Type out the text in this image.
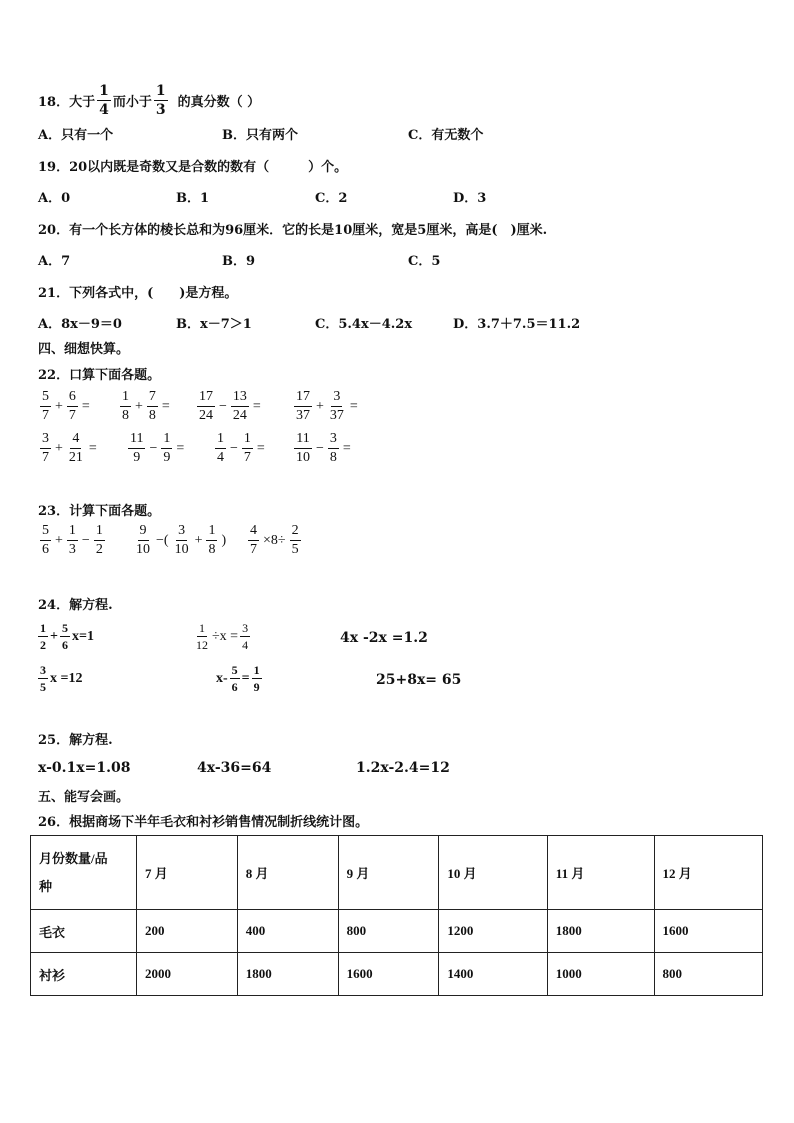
18． 大于 $\frac{1}{4}$ 而小于 $\frac{1}{3}$ 的真分数（ ）
A．只有一个	B．只有两个	C．有无数个
19．20以内既是奇数又是合数的数有（　　　）个。
A．0	B．1	C．2	D．3
20．有一个长方体的棱长总和为96厘米．它的长是10厘米，宽是5厘米，高是(　)厘米.
A．7	B．9	C．5
21．下列各式中，(　　)是方程。
A．8x－9＝0	B．x－7＞1	C．5.4x－4.2x	D．3.7＋7.5＝11.2
四、细想快算。
22．口算下面各题。
$\frac{5}{7} + \frac{6}{7} = \frac{1}{8} + \frac{7}{8} = \frac{17}{24} - \frac{13}{24} = \frac{17}{37} + \frac{3}{37}$ =
$\frac{3}{7} + \frac{4}{21} = \frac{11}{9} - \frac{1}{9} = \frac{1}{4} - \frac{1}{7} = \frac{11}{10} - \frac{3}{8}$ =
23．计算下面各题。
$\frac{5}{6} + \frac{1}{3} - \frac{1}{2} \frac{9}{10}$ −( $\frac{3}{10} + \frac{1}{8}$ ) $\frac{4}{7} \times 8\div \frac{2}{5}$
24．解方程.
$\frac{1}{2} + \frac{5}{6} x=1$	$\frac{1}{12} \div x = \frac{3}{4}$	4x -2x =1.2
$\frac{3}{5}$ x =12	$x- \frac{5}{6} = \frac{1}{9}$	25+8x= 65
25．解方程.
x-0.1x=1.08	4x-36=64	1.2x-2.4=12
五、能写会画。
26．根据商场下半年毛衣和衬衫销售情况制折线统计图。
月份数量/品
种	7 月	8 月	9 月	10 月	11 月	12 月
毛衣	200	400	800	1200	1800	1600
衬衫	2000	1800	1600	1400	1000	800
